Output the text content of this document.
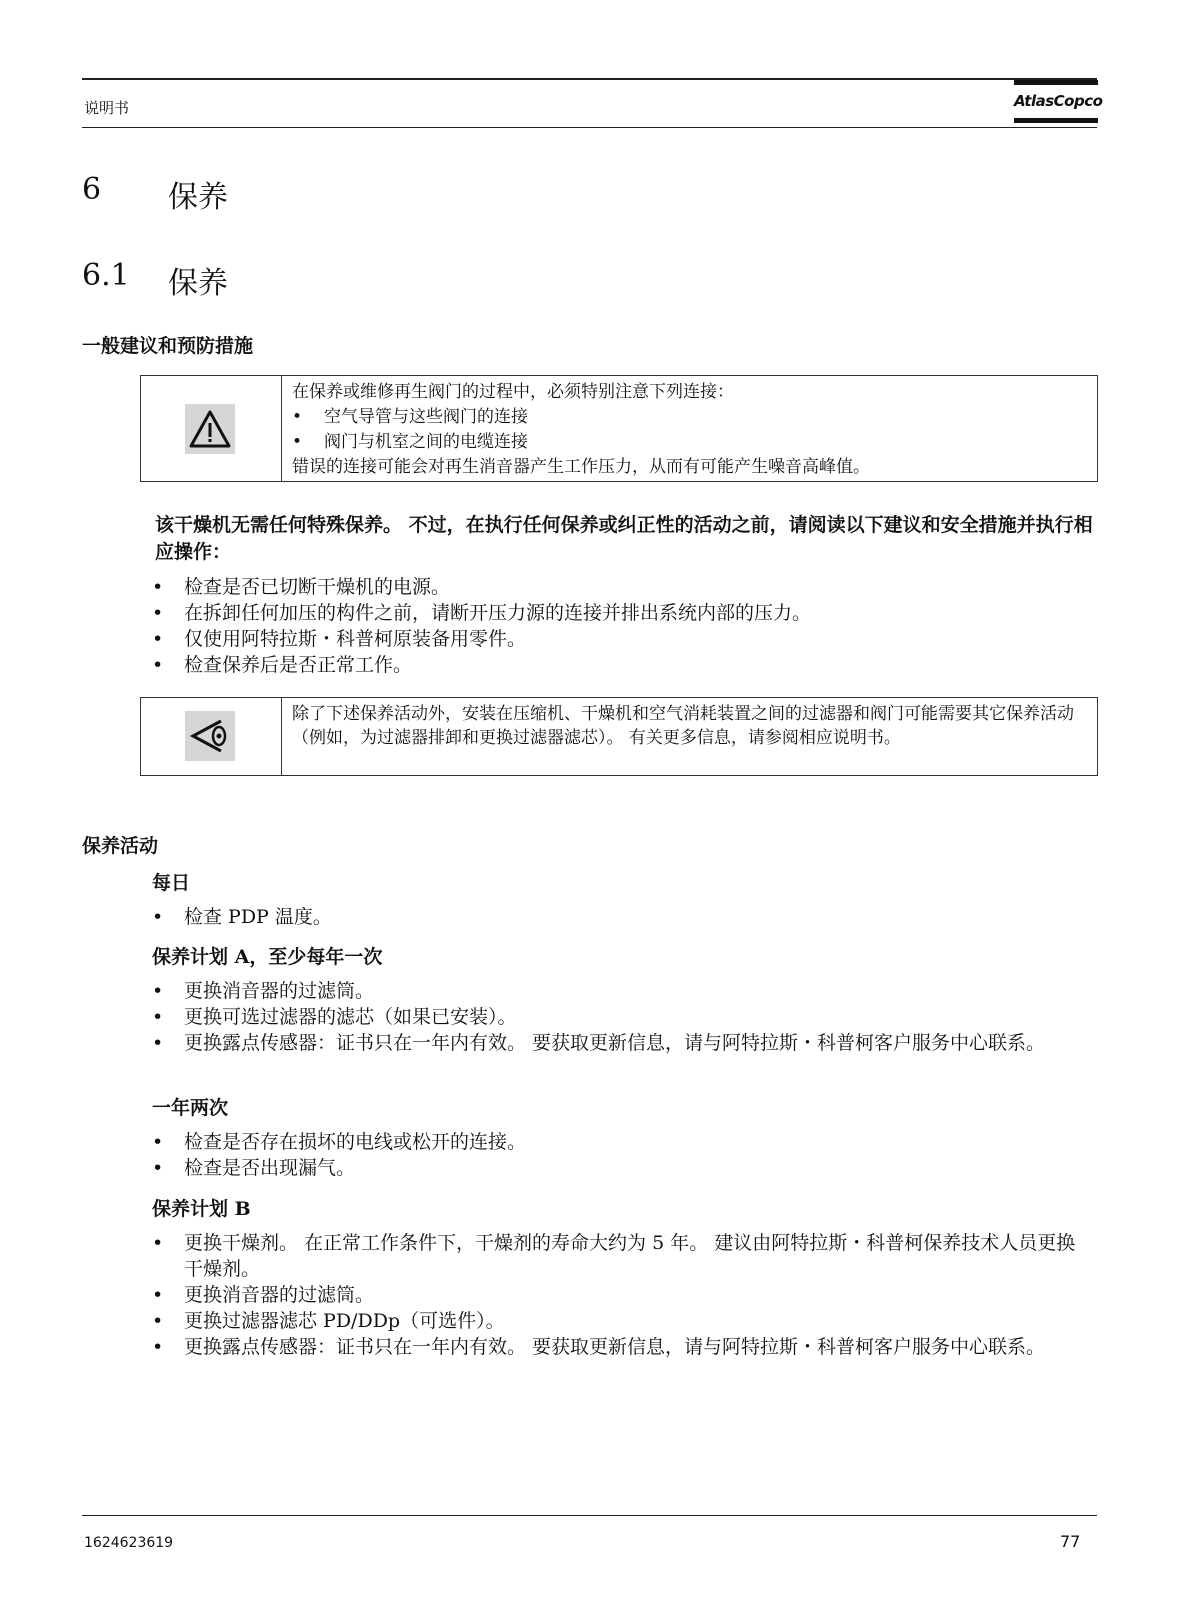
说明书	AtlasCopco
6	保养
6.1	保养
一般建议和预防措施
在保养或维修再生阀门的过程中，必须特别注意下列连接：
•	空气导管与这些阀门的连接
•	阀门与机室之间的电缆连接
错误的连接可能会对再生消音器产生工作压力，从而有可能产生噪音高峰值。
该干燥机无需任何特殊保养。 不过，在执行任何保养或纠正性的活动之前，请阅读以下建议和安全措施并执行相应操作：
•	检查是否已切断干燥机的电源。
•	在拆卸任何加压的构件之前，请断开压力源的连接并排出系统内部的压力。
•	仅使用阿特拉斯・科普柯原装备用零件。
•	检查保养后是否正常工作。
除了下述保养活动外，安装在压缩机、干燥机和空气消耗装置之间的过滤器和阀门可能需要其它保养活动（例如，为过滤器排卸和更换过滤器滤芯）。 有关更多信息，请参阅相应说明书。
保养活动
每日
•	检查 PDP 温度。
保养计划 A，至少每年一次
•	更换消音器的过滤筒。
•	更换可选过滤器的滤芯（如果已安装）。
•	更换露点传感器：证书只在一年内有效。 要获取更新信息，请与阿特拉斯・科普柯客户服务中心联系。
一年两次
•	检查是否存在损坏的电线或松开的连接。
•	检查是否出现漏气。
保养计划 B
•	更换干燥剂。 在正常工作条件下，干燥剂的寿命大约为 5 年。 建议由阿特拉斯・科普柯保养技术人员更换干燥剂。
•	更换消音器的过滤筒。
•	更换过滤器滤芯 PD/DDp（可选件）。
•	更换露点传感器：证书只在一年内有效。 要获取更新信息，请与阿特拉斯・科普柯客户服务中心联系。
1624623619	77
